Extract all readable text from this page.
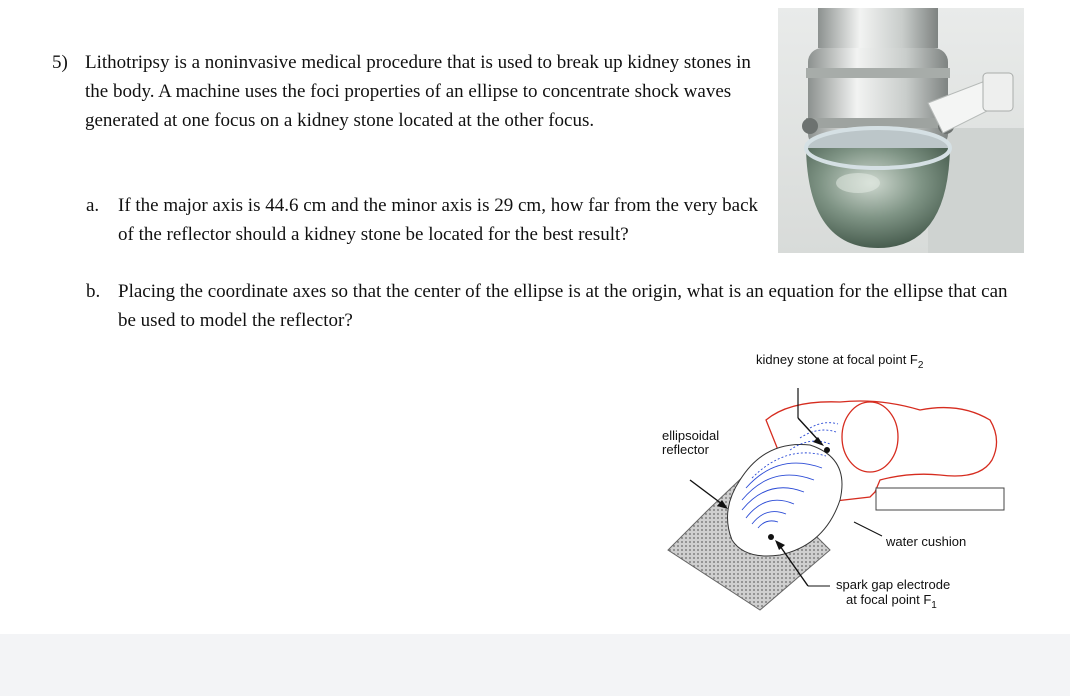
5) Lithotripsy is a noninvasive medical procedure that is used to break up kidney stones in the body. A machine uses the foci properties of an ellipse to concentrate shock waves generated at one focus on a kidney stone located at the other focus.
a. If the major axis is 44.6 cm and the minor axis is 29 cm, how far from the very back of the reflector should a kidney stone be located for the best result?
b. Placing the coordinate axes so that the center of the ellipse is at the origin, what is an equation for the ellipse that can be used to model the reflector?
kidney stone at focal point $F_2$
ellipsoidal
reflector
water cushion
spark gap electrode
at focal point $F_1$
